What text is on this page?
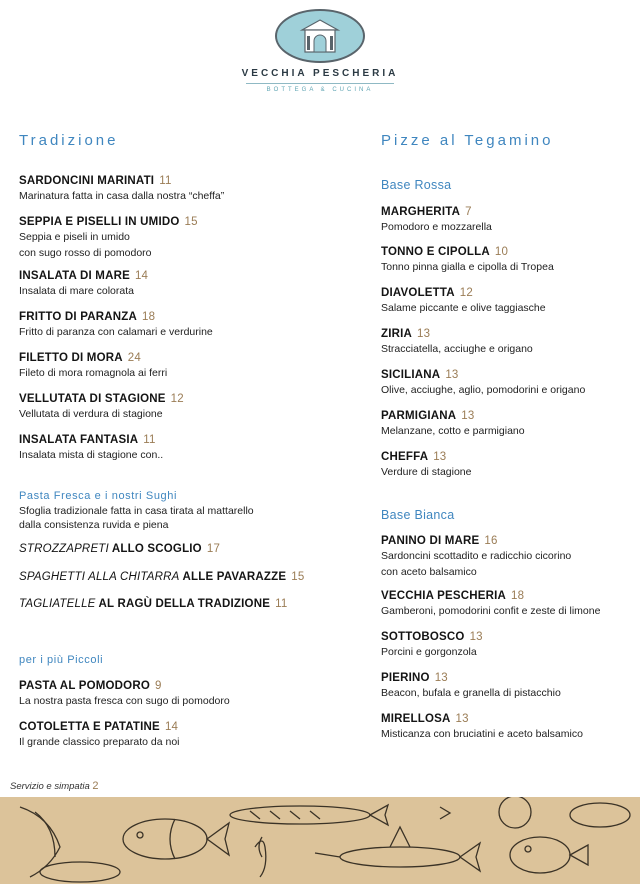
VECCHIA PESCHERIA
BOTTEGA & CUCINA
Tradizione
SARDONCINI MARINATI 11
Marinatura fatta in casa dalla nostra “cheffa”
SEPPIA E PISELLI IN UMIDO 15
Seppia e piseli in umido
con sugo rosso di pomodoro
INSALATA DI MARE 14
Insalata di mare colorata
FRITTO DI PARANZA 18
Fritto di paranza con calamari e verdurine
FILETTO DI MORA 24
Fileto di mora romagnola ai ferri
VELLUTATA DI STAGIONE 12
Vellutata di verdura di stagione
INSALATA FANTASIA 11
Insalata mista di stagione con..
Pasta Fresca e i nostri Sughi
Sfoglia tradizionale fatta in casa tirata al mattarello
dalla consistenza ruvida e piena
STROZZAPRETI ALLO SCOGLIO 17
SPAGHETTI ALLA CHITARRA ALLE PAVARAZZE 15
TAGLIATELLE AL RAGÙ DELLA TRADIZIONE 11
per i più Piccoli
PASTA AL POMODORO 9
La nostra pasta fresca con sugo di pomodoro
COTOLETTA E PATATINE 14
Il grande classico preparato da noi
Pizze al Tegamino
Base Rossa
MARGHERITA 7
Pomodoro e mozzarella
TONNO E CIPOLLA 10
Tonno pinna gialla e cipolla di Tropea
DIAVOLETTA 12
Salame piccante e olive taggiasche
ZIRIA 13
Stracciatella, acciughe e origano
SICILIANA 13
Olive, acciughe, aglio, pomodorini e origano
PARMIGIANA 13
Melanzane, cotto e parmigiano
CHEFFA 13
Verdure di stagione
Base Bianca
PANINO DI MARE 16
Sardoncini scottadito e radicchio cicorino
con aceto balsamico
VECCHIA PESCHERIA 18
Gamberoni, pomodorini confit e zeste di limone
SOTTOBOSCO 13
Porcini e gorgonzola
PIERINO 13
Beacon, bufala e granella di pistacchio
MIRELLOSA 13
Misticanza con bruciatini e aceto balsamico
Servizio e simpatia 2
